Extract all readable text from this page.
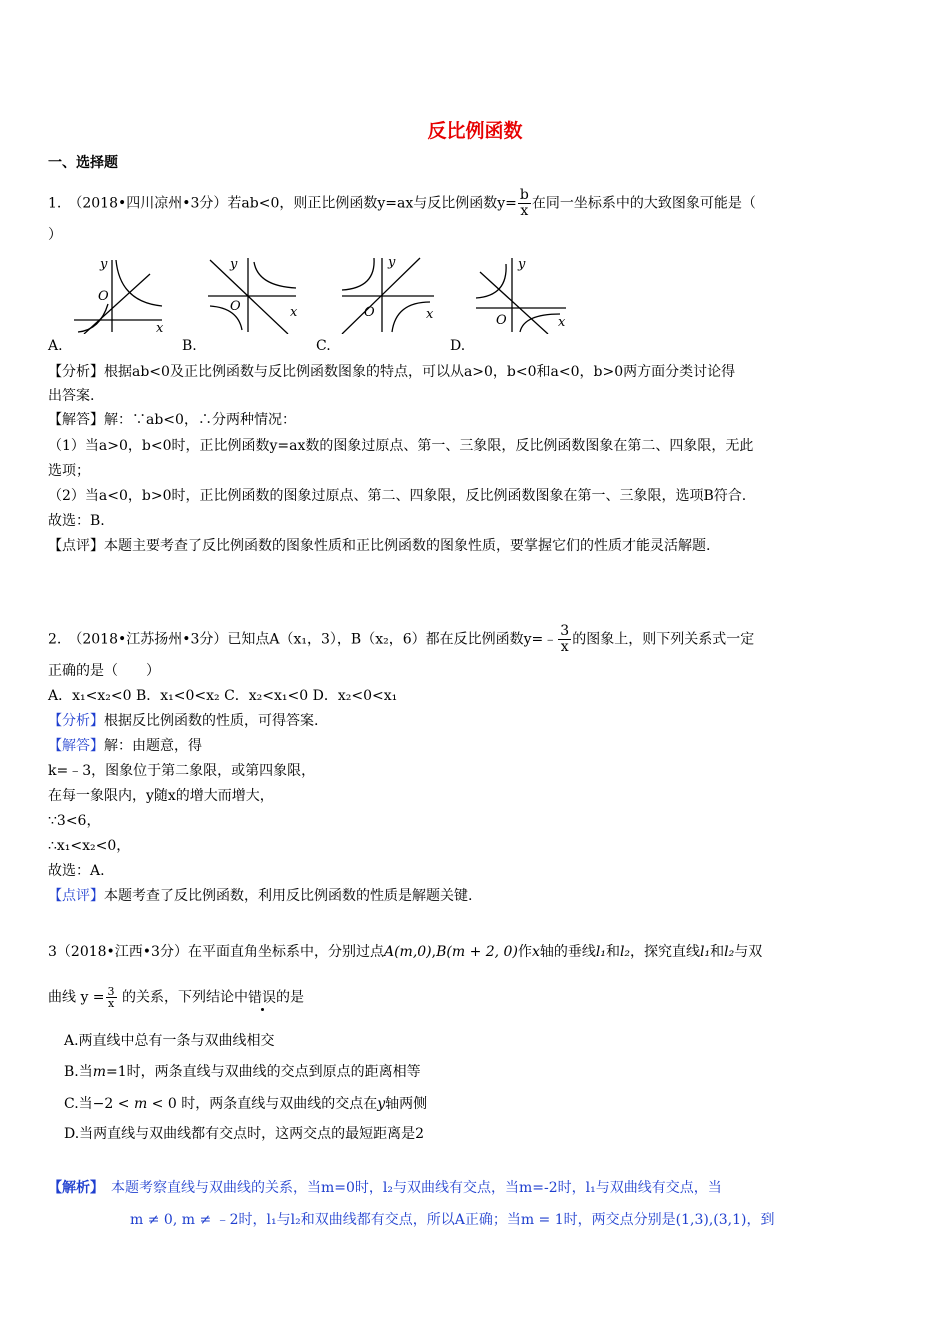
反比例函数
一、选择题
1.　（2018•四川凉州•3分）若ab<0，则正比例函数y=ax与反比例函数$y= \frac{b}{x}$ 在同一坐标系中的大致图象可能是（
）
y
x
O
A.
y
x
O
B.
y
x
O
C.
y
x
O
D.
【分析】根据ab<0及正比例函数与反比例函数图象的特点，可以从a>0，b<0和a<0，b>0两方面分类讨论得
出答案.
【解答】解：∵ab<0，∴分两种情况：
（1）当a>0，b<0时，正比例函数y=ax数的图象过原点、第一、三象限，反比例函数图象在第二、四象限，无此
选项；
（2）当a<0，b>0时，正比例函数的图象过原点、第二、四象限，反比例函数图象在第一、三象限，选项B符合.
故选：B.
【点评】本题主要考查了反比例函数的图象性质和正比例函数的图象性质，要掌握它们的性质才能灵活解题.
2.　（2018•江苏扬州•3分）已知点A（x₁，3），B（x₂，6）都在反比例函数y=﹣ $\frac{3}{x}$ 的图象上，则下列关系式一定
正确的是（　　）
A．x₁<x₂<0 B．x₁<0<x₂ C．x₂<x₁<0 D．x₂<0<x₁
【分析】根据反比例函数的性质，可得答案.
【解答】解：由题意，得
k=﹣3，图象位于第二象限，或第四象限，
在每一象限内，y随x的增大而增大，
∵3<6，
∴x₁<x₂<0，
故选：A.
【点评】本题考查了反比例函数，利用反比例函数的性质是解题关键.
3（2018•江西•3分）在平面直角坐标系中，分别过点A(m,0),B(m + 2, 0)作x轴的垂线l₁和l₂，探究直线l₁和l₂与双
曲线 $y = \frac{3}{x}$ 的关系，下列结论中错误的是
A.两直线中总有一条与双曲线相交
B.当m=1时，两条直线与双曲线的交点到原点的距离相等
C.当−2 < m < 0 时，两条直线与双曲线的交点在y轴两侧
D.当两直线与双曲线都有交点时，这两交点的最短距离是2
【解析】　 本题考察直线与双曲线的关系，当m=0时，l₂与双曲线有交点，当m=-2时，l₁与双曲线有交点，当
m ≠ 0, m ≠ ﹣2时，l₁与l₂和双曲线都有交点，所以A正确；当m = 1时，两交点分别是(1,3),(3,1)，到
